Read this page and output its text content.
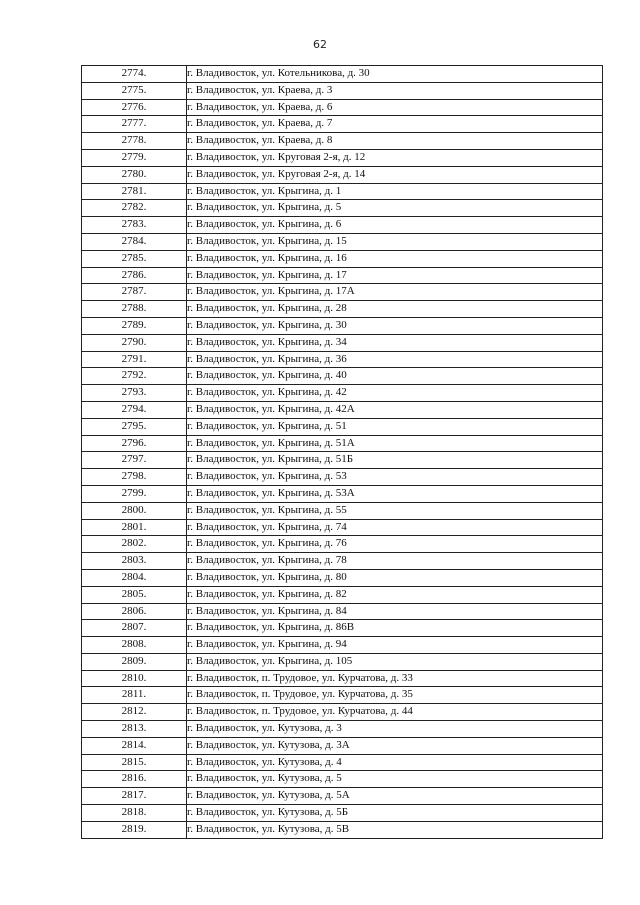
62
2774.	г. Владивосток, ул. Котельникова, д. 30
2775.	г. Владивосток, ул. Краева, д. 3
2776.	г. Владивосток, ул. Краева, д. 6
2777.	г. Владивосток, ул. Краева, д. 7
2778.	г. Владивосток, ул. Краева, д. 8
2779.	г. Владивосток, ул. Круговая 2-я, д. 12
2780.	г. Владивосток, ул. Круговая 2-я, д. 14
2781.	г. Владивосток, ул. Крыгина, д. 1
2782.	г. Владивосток, ул. Крыгина, д. 5
2783.	г. Владивосток, ул. Крыгина, д. 6
2784.	г. Владивосток, ул. Крыгина, д. 15
2785.	г. Владивосток, ул. Крыгина, д. 16
2786.	г. Владивосток, ул. Крыгина, д. 17
2787.	г. Владивосток, ул. Крыгина, д. 17А
2788.	г. Владивосток, ул. Крыгина, д. 28
2789.	г. Владивосток, ул. Крыгина, д. 30
2790.	г. Владивосток, ул. Крыгина, д. 34
2791.	г. Владивосток, ул. Крыгина, д. 36
2792.	г. Владивосток, ул. Крыгина, д. 40
2793.	г. Владивосток, ул. Крыгина, д. 42
2794.	г. Владивосток, ул. Крыгина, д. 42А
2795.	г. Владивосток, ул. Крыгина, д. 51
2796.	г. Владивосток, ул. Крыгина, д. 51А
2797.	г. Владивосток, ул. Крыгина, д. 51Б
2798.	г. Владивосток, ул. Крыгина, д. 53
2799.	г. Владивосток, ул. Крыгина, д. 53А
2800.	г. Владивосток, ул. Крыгина, д. 55
2801.	г. Владивосток, ул. Крыгина, д. 74
2802.	г. Владивосток, ул. Крыгина, д. 76
2803.	г. Владивосток, ул. Крыгина, д. 78
2804.	г. Владивосток, ул. Крыгина, д. 80
2805.	г. Владивосток, ул. Крыгина, д. 82
2806.	г. Владивосток, ул. Крыгина, д. 84
2807.	г. Владивосток, ул. Крыгина, д. 86В
2808.	г. Владивосток, ул. Крыгина, д. 94
2809.	г. Владивосток, ул. Крыгина, д. 105
2810.	г. Владивосток, п. Трудовое, ул. Курчатова, д. 33
2811.	г. Владивосток, п. Трудовое, ул. Курчатова, д. 35
2812.	г. Владивосток, п. Трудовое, ул. Курчатова, д. 44
2813.	г. Владивосток, ул. Кутузова, д. 3
2814.	г. Владивосток, ул. Кутузова, д. 3А
2815.	г. Владивосток, ул. Кутузова, д. 4
2816.	г. Владивосток, ул. Кутузова, д. 5
2817.	г. Владивосток, ул. Кутузова, д. 5А
2818.	г. Владивосток, ул. Кутузова, д. 5Б
2819.	г. Владивосток, ул. Кутузова, д. 5В
